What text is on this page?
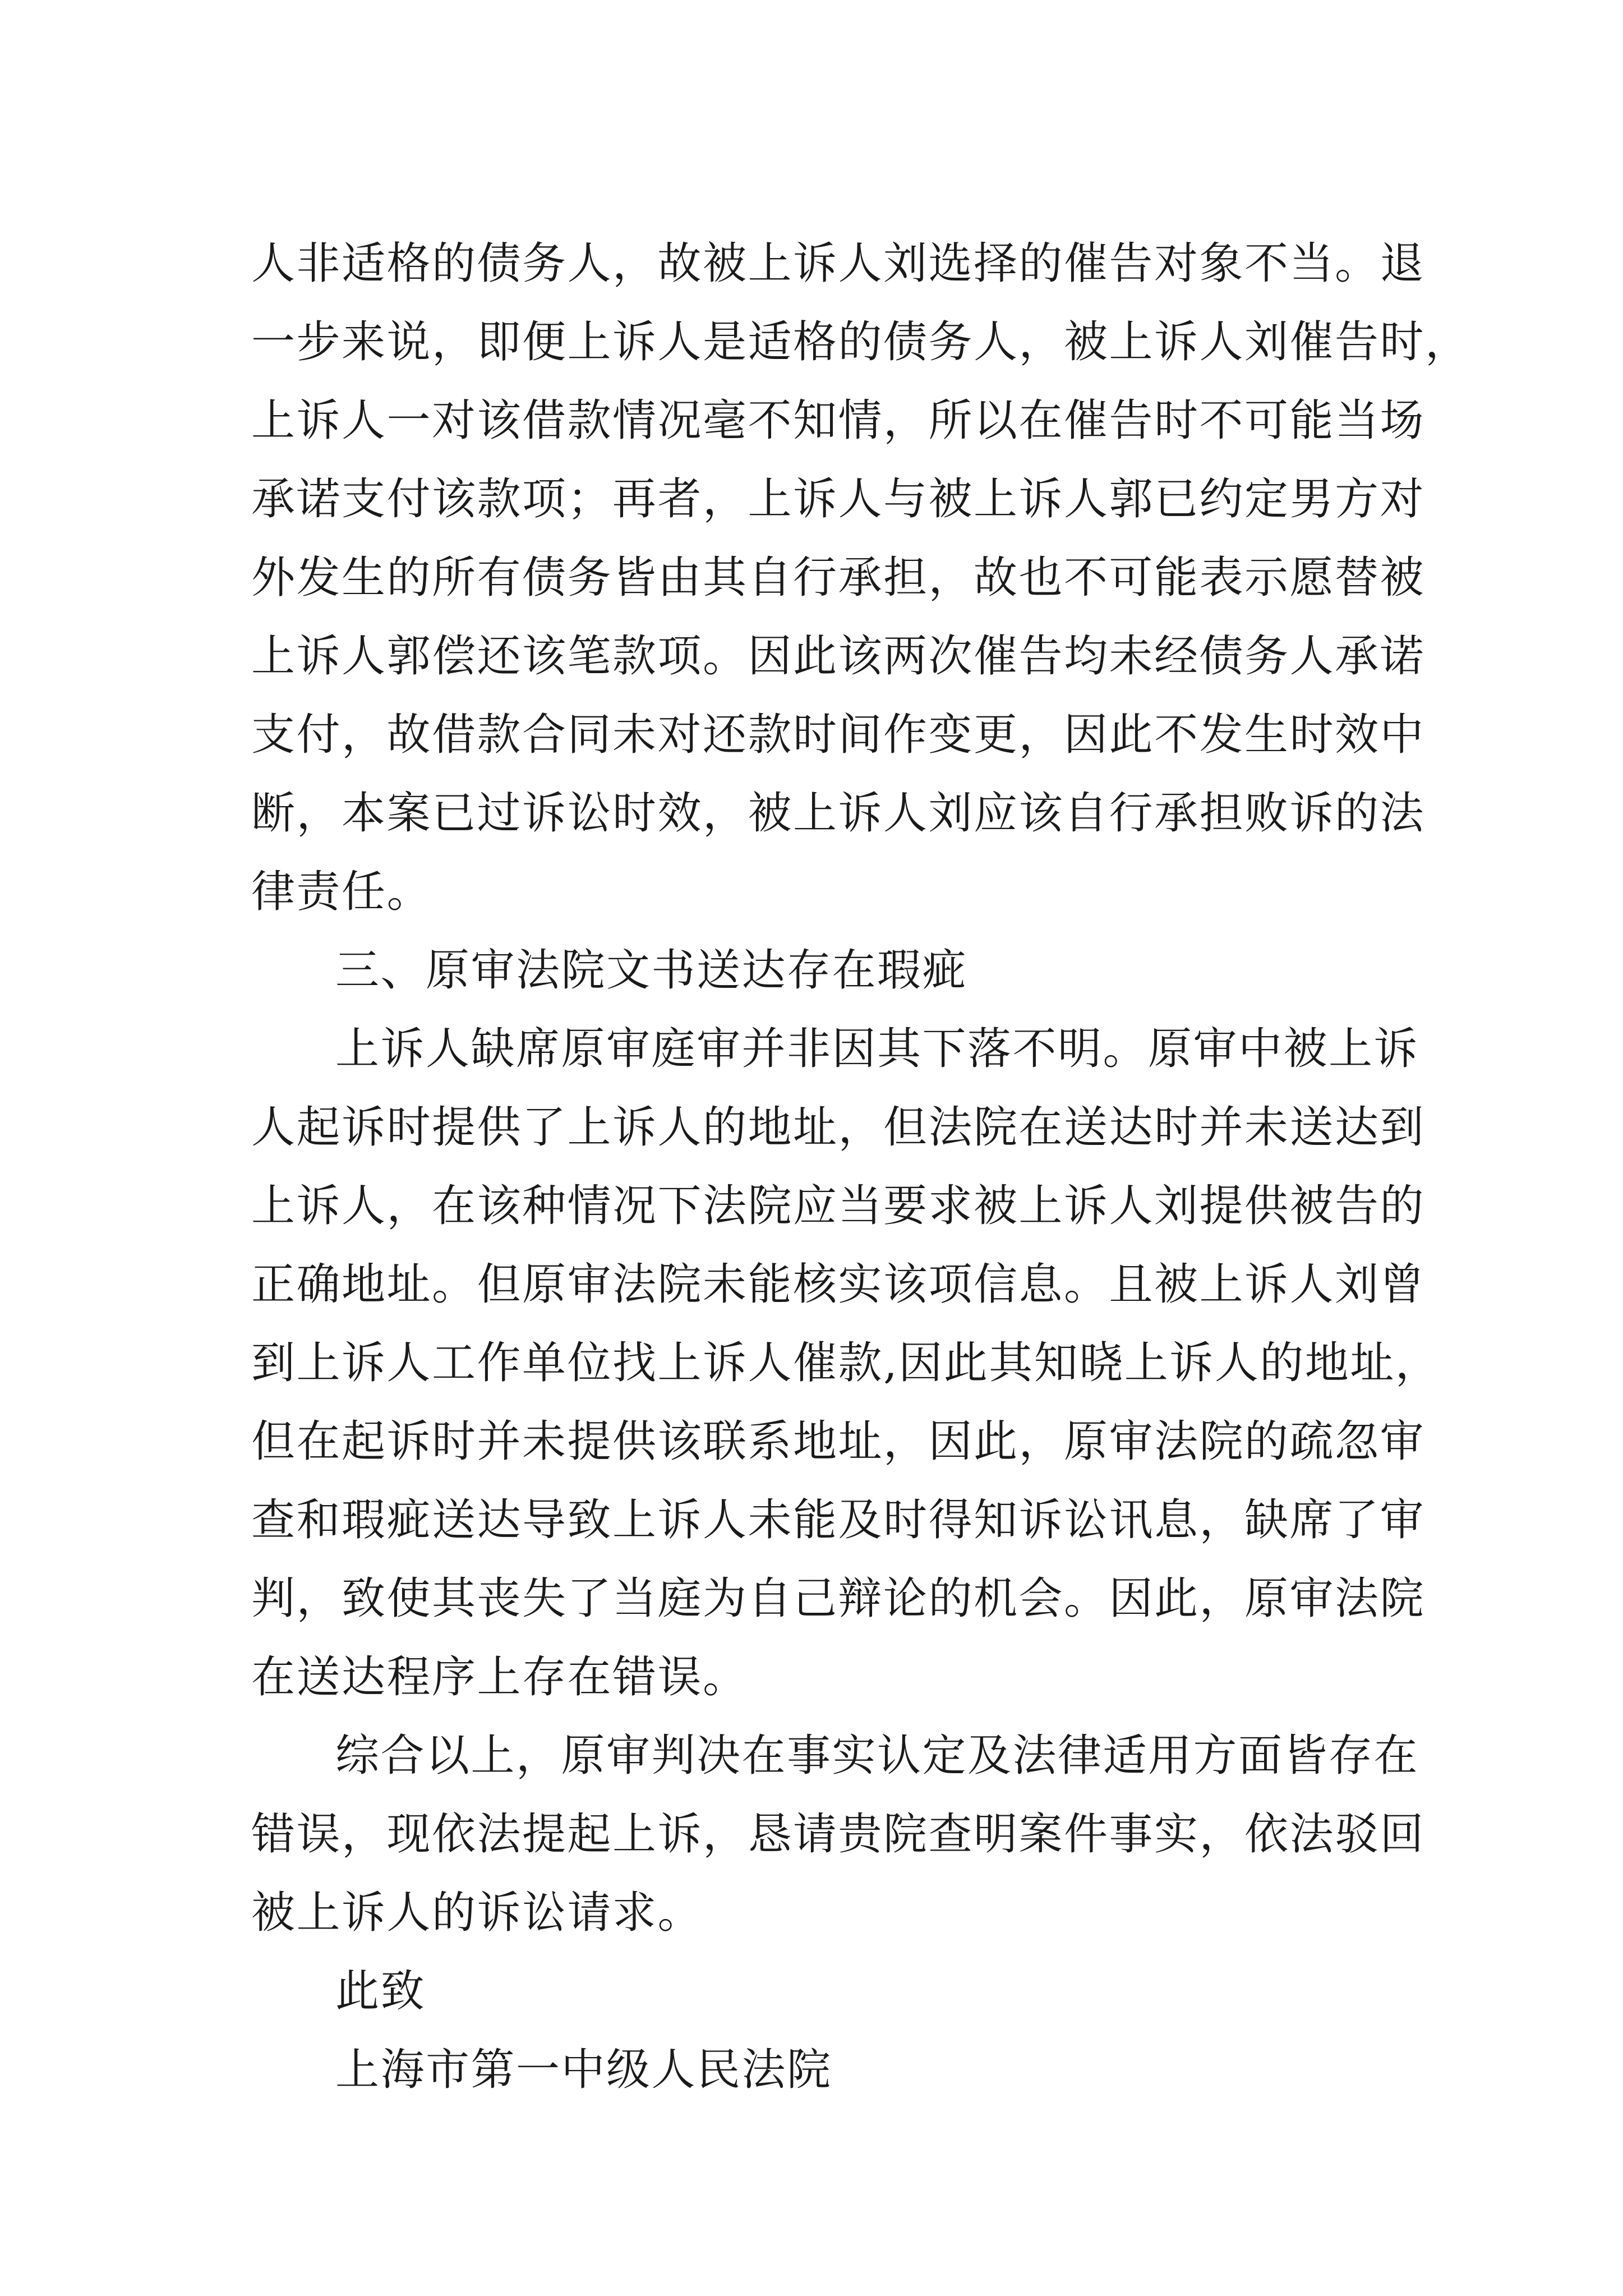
人非适格的债务人，故被上诉人刘选择的催告对象不当。退
一步来说，即便上诉人是适格的债务人，被上诉人刘催告时，
上诉人一对该借款情况毫不知情，所以在催告时不可能当场
承诺支付该款项；再者，上诉人与被上诉人郭已约定男方对
外发生的所有债务皆由其自行承担，故也不可能表示愿替被
上诉人郭偿还该笔款项。因此该两次催告均未经债务人承诺
支付，故借款合同未对还款时间作变更，因此不发生时效中
断，本案已过诉讼时效，被上诉人刘应该自行承担败诉的法
律责任。
三、原审法院文书送达存在瑕疵
上诉人缺席原审庭审并非因其下落不明。原审中被上诉
人起诉时提供了上诉人的地址，但法院在送达时并未送达到
上诉人，在该种情况下法院应当要求被上诉人刘提供被告的
正确地址。但原审法院未能核实该项信息。且被上诉人刘曾
到上诉人工作单位找上诉人催款,因此其知晓上诉人的地址，
但在起诉时并未提供该联系地址，因此，原审法院的疏忽审
查和瑕疵送达导致上诉人未能及时得知诉讼讯息，缺席了审
判，致使其丧失了当庭为自己辩论的机会。因此，原审法院
在送达程序上存在错误。
综合以上，原审判决在事实认定及法律适用方面皆存在
错误，现依法提起上诉，恳请贵院查明案件事实，依法驳回
被上诉人的诉讼请求。
此致
上海市第一中级人民法院
